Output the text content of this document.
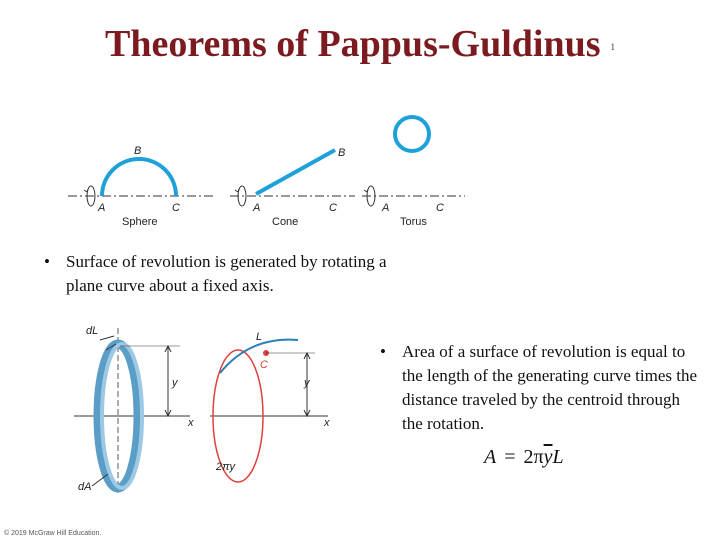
Theorems of Pappus-Guldinus 1
A
B
C
Sphere
A
B
C
Cone
A	C
Torus
• Surface of revolution is generated by rotating a plane curve about a fixed axis.
dL
y
x
dA
L
C
y
x
2πy
• Area of a surface of revolution is equal to the length of the generating curve times the distance traveled by the centroid through the rotation.
$A = 2\pi\overline{y}L$
© 2019 McGraw Hill Education.
